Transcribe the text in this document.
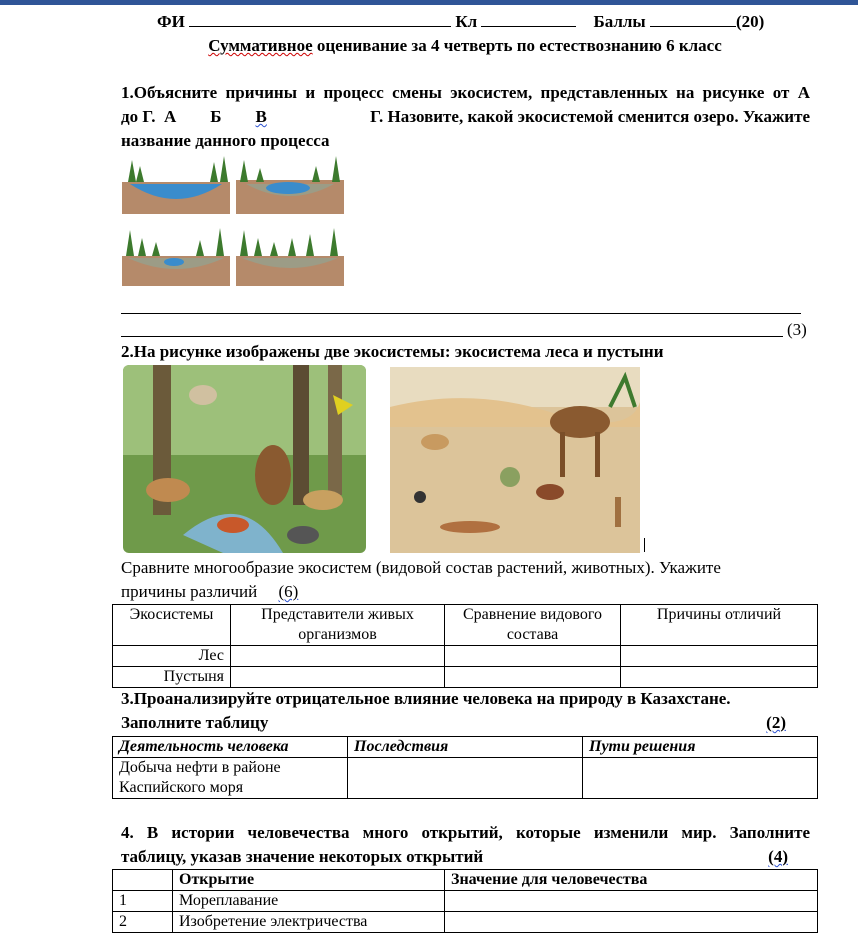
ФИ	Кл	Баллы	(20)
Суммативное оценивание за 4 четверть по естествознанию 6 класс
1.Объясните причины и процесс смены экосистем, представленных на рисунке от А
до Г.  А        Б        В	Г. Назовите, какой экосистемой сменится озеро. Укажите
название данного процесса
(3)
2.На рисунке изображены две экосистемы: экосистема леса и пустыни
Сравните многообразие экосистем (видовой состав растений, животных). Укажите
причины различий (6)
Экосистемы	Представители живых организмов	Сравнение видового состава	Причины отличий
Лес			
Пустыня			
3.Проанализируйте отрицательное влияние человека на природу в Казахстане.
Заполните таблицу	(2)
Деятельность человека	Последствия	Пути решения

Добыча нефти в районе
Каспийского моря		

4. В истории человечества много открытий, которые изменили мир. Заполните
таблицу, указав значение некоторых открытий	(4)
	Открытие	Значение для человечества
1	Мореплавание	
2	Изобретение электричества	
